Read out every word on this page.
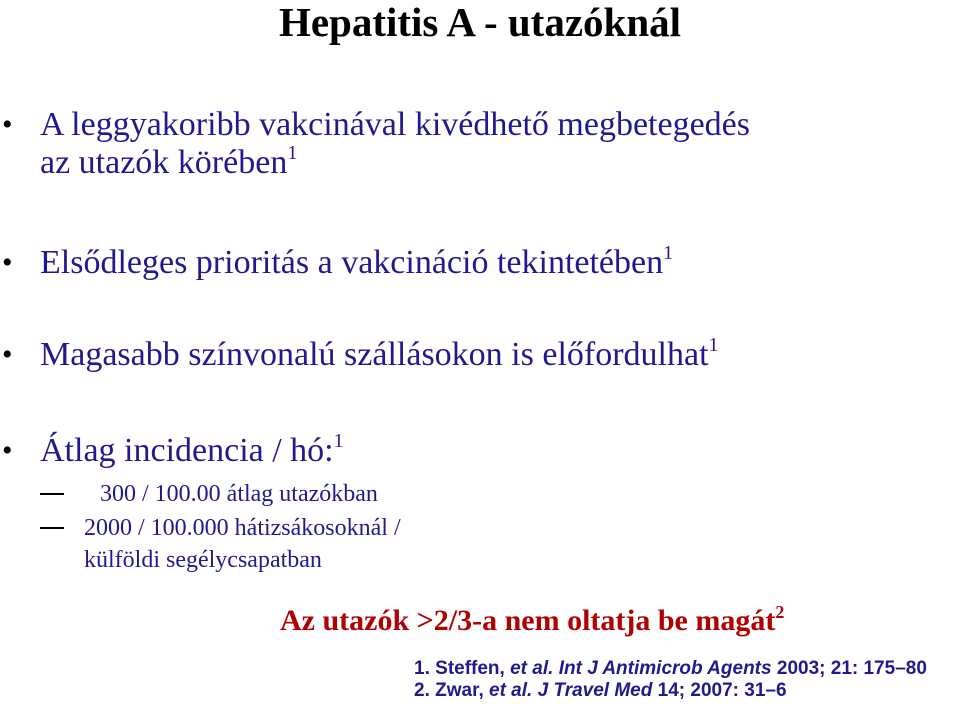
Hepatitis A - utazóknál
• A leggyakoribb vakcinával kivédhető megbetegedés
az utazók körében$^1$
• Elsődleges prioritás a vakcináció tekintetében$^1$
• Magasabb színvonalú szállásokon is előfordulhat$^1$
• Átlag incidencia / hó:$^1$
300 / 100.00 átlag utazókban
2000 / 100.000 hátizsákosoknál /
külföldi segélycsapatban
Az utazók >2/3-a nem oltatja be magát$^2$
1. Steffen, et al. Int J Antimicrob Agents 2003; 21: 175–80
2. Zwar, et al. J Travel Med 14; 2007: 31–6
